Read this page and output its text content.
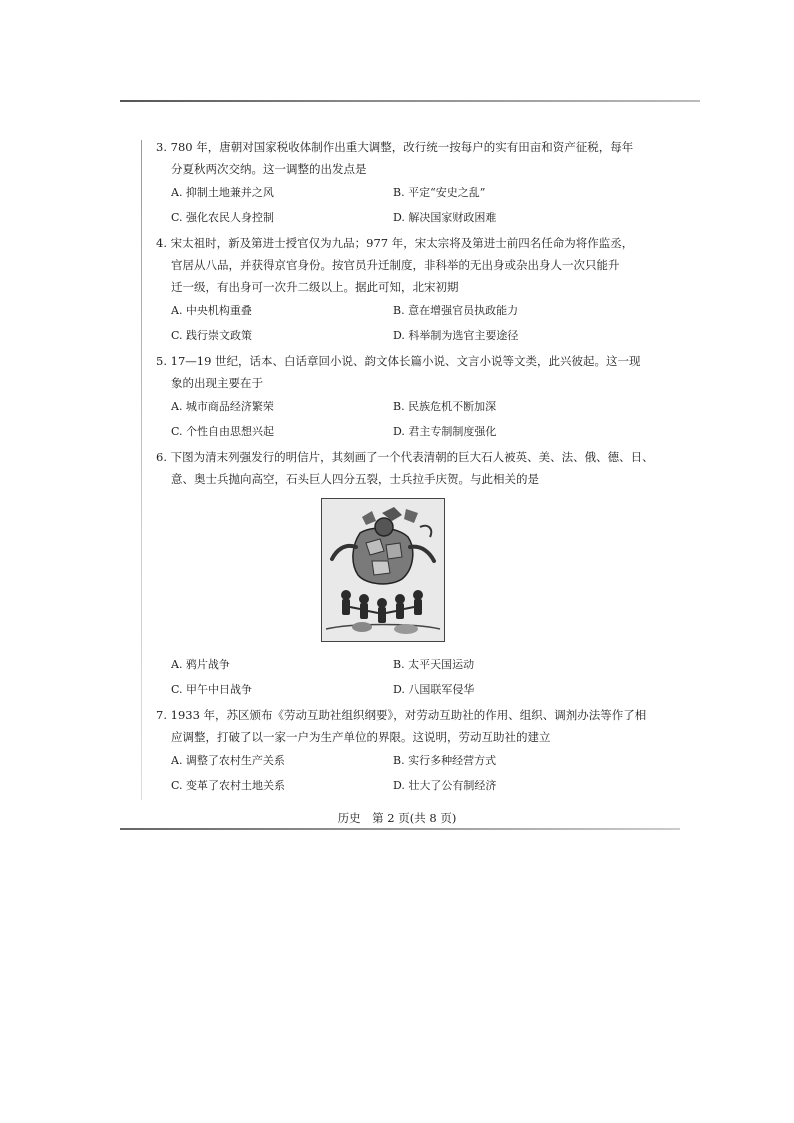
3. 780 年，唐朝对国家税收体制作出重大调整，改行统一按每户的实有田亩和资产征税，每年
分夏秋两次交纳。这一调整的出发点是
A. 抑制土地兼并之风	B. 平定“安史之乱”
C. 强化农民人身控制	D. 解决国家财政困难
4. 宋太祖时，新及第进士授官仅为九品；977 年，宋太宗将及第进士前四名任命为将作监丞，
官居从八品，并获得京官身份。按官员升迁制度，非科举的无出身或杂出身人一次只能升
迁一级，有出身可一次升二级以上。据此可知，北宋初期
A. 中央机构重叠	B. 意在增强官员执政能力
C. 践行崇文政策	D. 科举制为选官主要途径
5. 17—19 世纪，话本、白话章回小说、韵文体长篇小说、文言小说等文类，此兴彼起。这一现
象的出现主要在于
A. 城市商品经济繁荣	B. 民族危机不断加深
C. 个性自由思想兴起	D. 君主专制制度强化
6. 下图为清末列强发行的明信片，其刻画了一个代表清朝的巨大石人被英、美、法、俄、德、日、
意、奥士兵抛向高空，石头巨人四分五裂，士兵拉手庆贺。与此相关的是
A. 鸦片战争	B. 太平天国运动
C. 甲午中日战争	D. 八国联军侵华
7. 1933 年，苏区颁布《劳动互助社组织纲要》，对劳动互助社的作用、组织、调剂办法等作了相
应调整，打破了以一家一户为生产单位的界限。这说明，劳动互助社的建立
A. 调整了农村生产关系	B. 实行多种经营方式
C. 变革了农村土地关系	D. 壮大了公有制经济
历史　第 2 页(共 8 页)
